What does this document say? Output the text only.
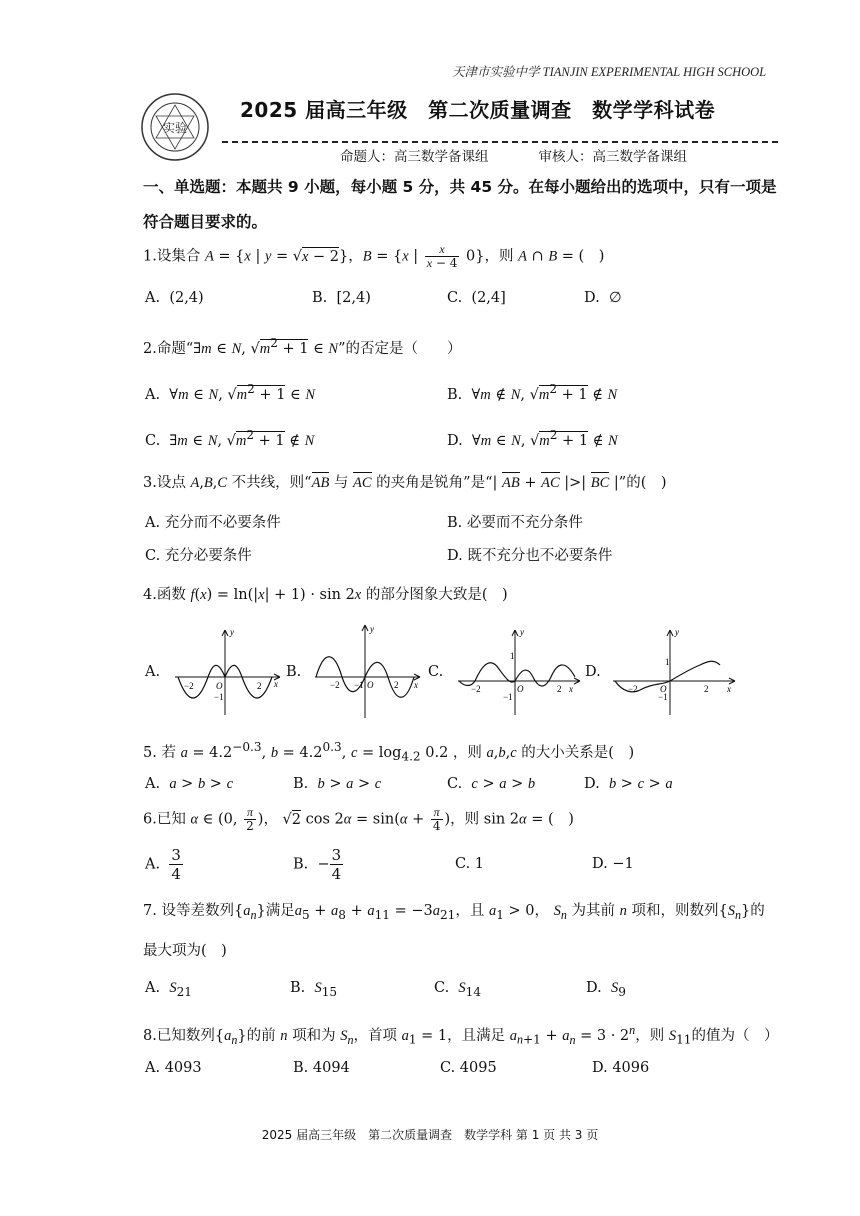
天津市实验中学 TIANJIN EXPERIMENTAL HIGH SCHOOL
实验
2025 届高三年级　第二次质量调查　数学学科试卷
命题人：高三数学备课组	审核人：高三数学备课组
一、单选题：本题共 9 小题，每小题 5 分，共 45 分。在每小题给出的选项中，只有一项是符合题目要求的。
1.设集合 A = {x | y = √x − 2}，B = {x | $\frac{x}{x - 4} 0$}，则 A ∩ B = (　)
A. (2,4)	B. [2,4)	C. (2,4]	D. ∅
2.命题“∃m ∈ N, $√m^2 + 1$ ∈ N”的否定是（　　）
A.  ∀m ∈ N, $√m^2 + 1$ ∈ N	B.  ∀m ∉ N, $√m^2 + 1$ ∉ N
C.  ∃m ∈ N, $√m^2 + 1$ ∉ N	D.  ∀m ∈ N, $√m^2 + 1$ ∉ N
3.设点 A,B,C 不共线，则“AB 与 AC 的夹角是锐角”是“| AB + AC |>| BC |”的(　)
A. 充分而不必要条件	B. 必要而不充分条件
C. 充分必要条件	D. 既不充分也不必要条件
4.函数 f(x) = ln(|x| + 1) · sin 2x 的部分图象大致是(　)
A.
y
x
−2	2
O
−1
B.
y
x
−2	2
O
−1
C.
y
x
1
−2	2
O
−1
D.
y
x
1
−2	2
O
−1
5. 若 $a = 4.2^{-0.3}$, $b = 4.2^{0.3}$, $c = \log_{4.2} 0.2$ ，则 a,b,c 的大小关系是(　)
A. a > b > c	B. b > a > c	C. c > a > b	D. b > c > a
6.已知 α ∈ (0, $\frac{\pi}{2}$ )， √2 $\cos 2\alpha = \sin(\alpha + \frac{\pi}{4}$ )，则 sin 2α = (　)
A. $\frac{3}{4}$	B.  − $\frac{3}{4}$	C. 1	D. −1
7. 设等差数列$\{a_n\}$满足$a_5 + a_8 + a_{11} = -3a_{21}$，且 $a_1 > 0$， $S_n$ 为其前 n 项和，则数列$\{S_n\}$的
最大项为(　)
A. $S_{21}$	B. $S_{15}$	C. $S_{14}$	D. $S_9$
8.已知数列$\{a_n\}$的前 n 项和为 $S_n$，首项 $a_1 = 1$，且满足 $a_{n+1} + a_n = 3 \cdot 2^n$，则 $S_{11}$的值为（　）
A. 4093	B. 4094	C. 4095	D. 4096
2025 届高三年级　第二次质量调查　数学学科 第 1 页 共 3 页
